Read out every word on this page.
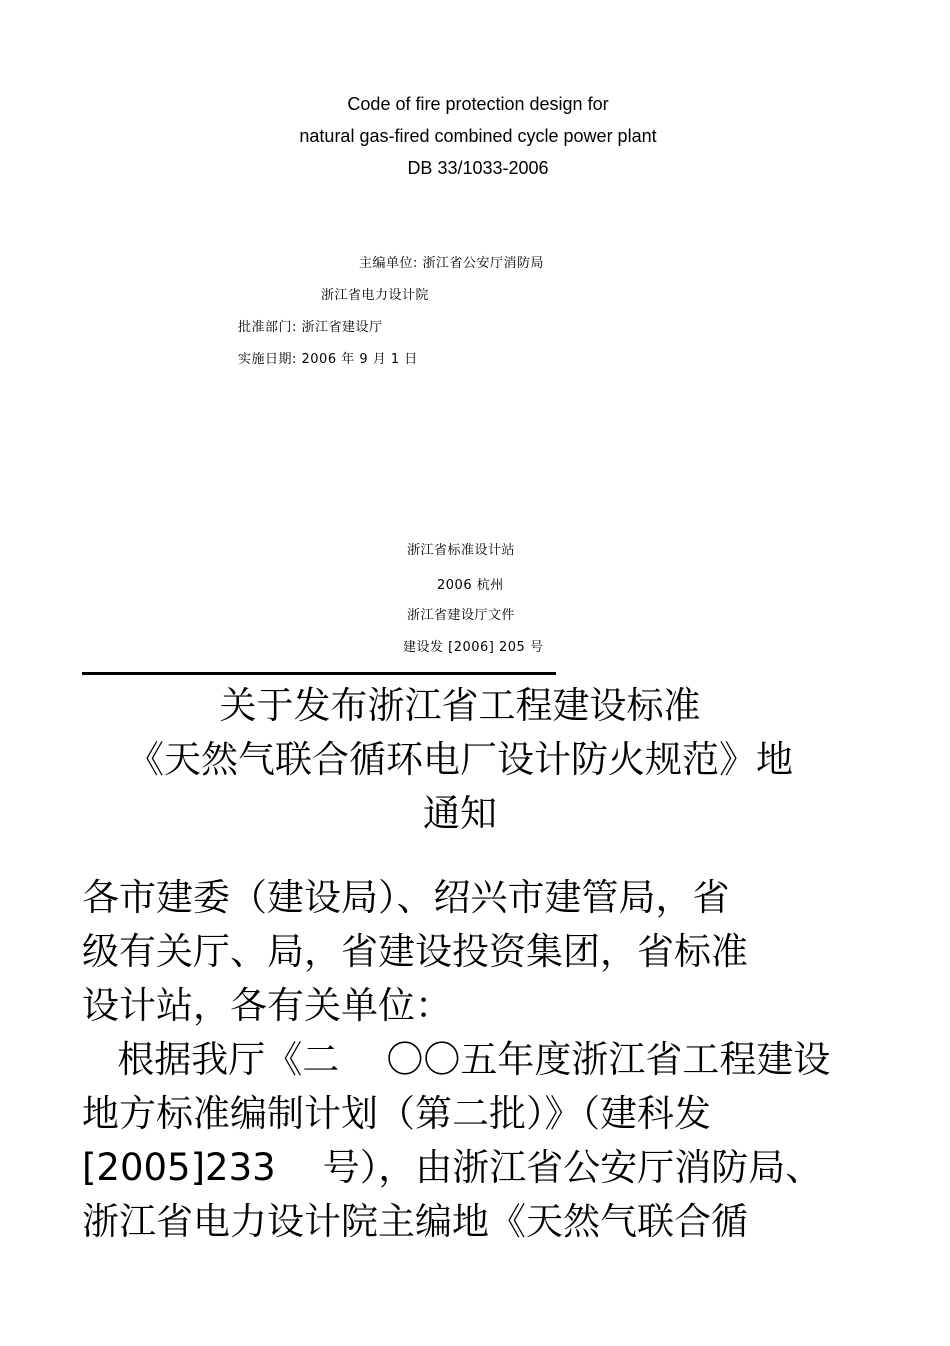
Code of fire protection design for
natural gas-fired combined cycle power plant
DB 33/1033-2006
主编单位: 浙江省公安厅消防局
浙江省电力设计院
批准部门: 浙江省建设厅
实施日期: 2006 年 9 月 1 日
浙江省标准设计站
2006 杭州
浙江省建设厅文件
建设发 [2006] 205 号
关于发布浙江省工程建设标准
《天然气联合循环电厂设计防火规范》地
通知
各市建委（建设局）、绍兴市建管局，省
级有关厅、局，省建设投资集团，省标准
设计站，各有关单位：
根据我厅《二    〇〇五年度浙江省工程建设
地方标准编制计划（第二批）》（建科发
[2005]233    号），由浙江省公安厅消防局、
浙江省电力设计院主编地《天然气联合循
